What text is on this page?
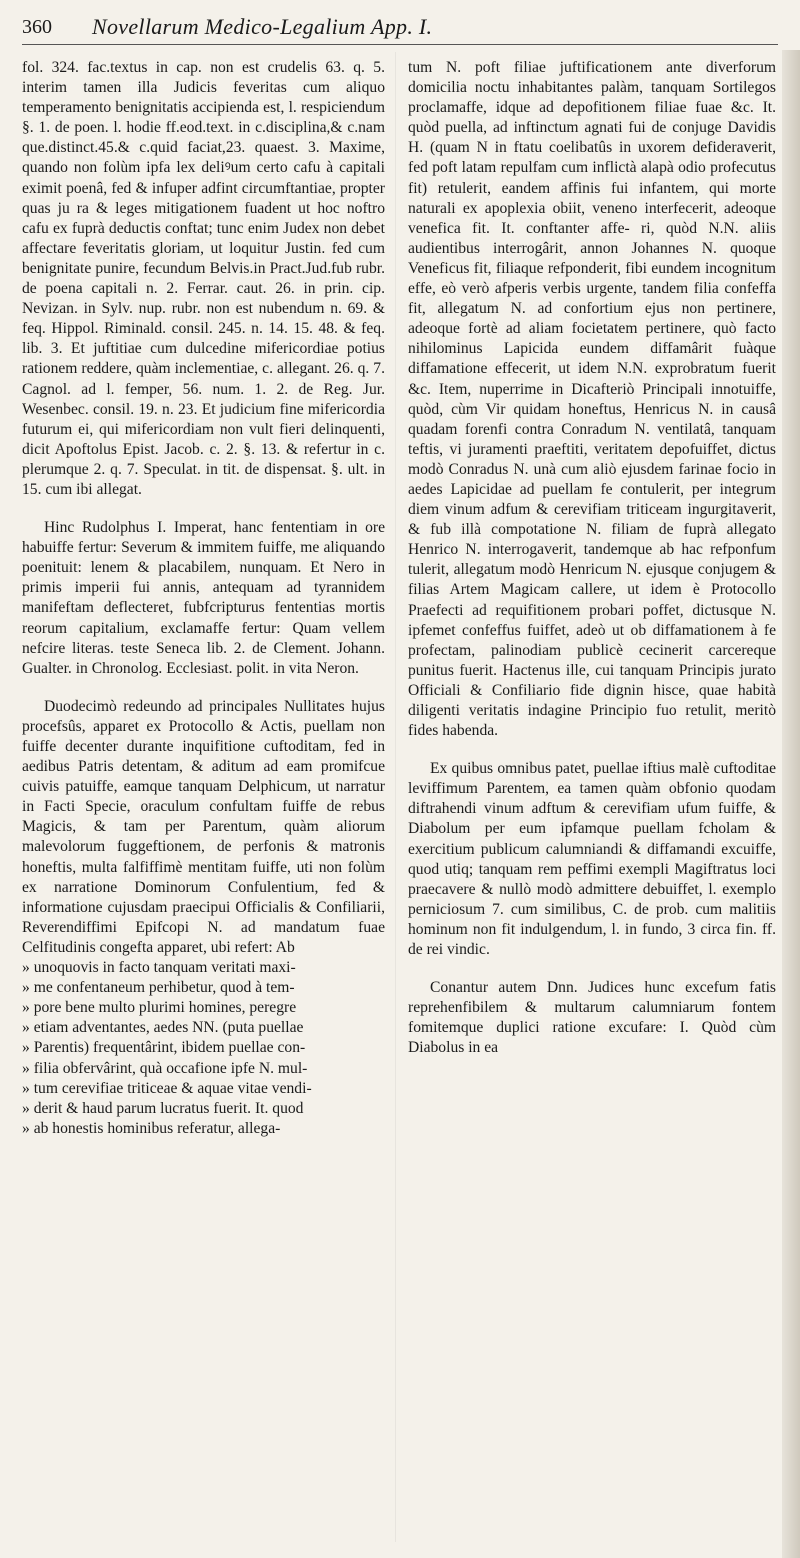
360 Novellarum Medico-Legalium App. I.

fol. 324. fac.textus in cap. non est crudelis 63. q. 5. interim tamen illa Judicis feveritas cum aliquo temperamento benignitatis accipienda est, l. respiciendum §. 1. de poen. l. hodie ff.eod.text. in c.disciplina,& c.nam que.distinct.45.& c.quid faciat,23. quaest. 3. Maxime, quando non folùm ipfa lex deliꝰum certo cafu à capitali eximit poenâ, fed & infuper adfint circumftantiae, propter quas ju ra & leges mitigationem fuadent ut hoc noftro cafu ex fuprà deductis conftat; tunc enim Judex non debet affectare feveritatis gloriam, ut loquitur Justin. fed cum benignitate punire, fecundum Belvis.in Pract.Jud.fub rubr. de poena capitali n. 2. Ferrar. caut. 26. in prin. cip. Nevizan. in Sylv. nup. rubr. non est nubendum n. 69. & feq. Hippol. Riminald. consil. 245. n. 14. 15. 48. & feq. lib. 3. Et juftitiae cum dulcedine mifericordiae potius rationem reddere, quàm inclementiae, c. allegant. 26. q. 7. Cagnol. ad l. femper, 56. num. 1. 2. de Reg. Jur. Wesenbec. consil. 19. n. 23. Et judicium fine mifericordia futurum ei, qui mifericordiam non vult fieri delinquenti, dicit Apoftolus Epist. Jacob. c. 2. §. 13. & refertur in c. plerumque 2. q. 7. Speculat. in tit. de dispensat. §. ult. in 15. cum ibi allegat.

Hinc Rudolphus I. Imperat, hanc fententiam in ore habuiffe fertur: Severum & immitem fuiffe, me aliquando poenituit: lenem & placabilem, nunquam. Et Nero in primis imperii fui annis, antequam ad tyrannidem manifeftam deflecteret, fubfcripturus fententias mortis reorum capitalium, exclamaffe fertur: Quam vellem nefcire literas. teste Seneca lib. 2. de Clement. Johann. Gualter. in Chronolog. Ecclesiast. polit. in vita Neron.

Duodecimò redeundo ad principales Nullitates hujus procefsûs, apparet ex Protocollo & Actis, puellam non fuiffe decenter durante inquifitione cuftoditam, fed in aedibus Patris detentam, & aditum ad eam promifcue cuivis patuiffe, eamque tanquam Delphicum, ut narratur in Facti Specie, oraculum confultam fuiffe de rebus Magicis, & tam per Parentum, quàm aliorum malevolorum fuggeftionem, de perfonis & matronis honeftis, multa falfiffimè mentitam fuiffe, uti non folùm ex narratione Dominorum Confulentium, fed & informatione cujusdam praecipui Officialis & Confiliarii, Reverendiffimi Epifcopi N. ad mandatum fuae Celfitudinis congefta apparet, ubi refert: Ab

» unoquovis in facto tanquam veritati maxi-

» me confentaneum perhibetur, quod à tem-

» pore bene multo plurimi homines, peregre

» etiam adventantes, aedes NN. (puta puellae

» Parentis) frequentârint, ibidem puellae con-

» filia obfervârint, quà occafione ipfe N. mul-

» tum cerevifiae triticeae & aquae vitae vendi-

» derit & haud parum lucratus fuerit. It. quod

» ab honestis hominibus referatur, allega-

tum N. poft filiae juftificationem ante diverforum domicilia noctu inhabitantes palàm, tanquam Sortilegos proclamaffe, idque ad depofitionem filiae fuae &c. It. quòd puella, ad inftinctum agnati fui de conjuge Davidis H. (quam N in ftatu coelibatûs in uxorem defideraverit, fed poft latam repulfam cum inflictà alapà odio profecutus fit) retulerit, eandem affinis fui infantem, qui morte naturali ex apoplexia obiit, veneno interfecerit, adeoque venefica fit. It. conftanter affe- ri, quòd N.N. aliis audientibus interrogârit, annon Johannes N. quoque Veneficus fit, filiaque refponderit, fibi eundem incognitum effe, eò verò afperis verbis urgente, tandem filia confeffa fit, allegatum N. ad confortium ejus non pertinere, adeoque fortè ad aliam focietatem pertinere, quò facto nihilominus Lapicida eundem diffamârit fuàque diffamatione effecerit, ut idem N.N. exprobratum fuerit &c. Item, nuperrime in Dicafteriò Principali innotuiffe, quòd, cùm Vir quidam honeftus, Henricus N. in causâ quadam forenfi contra Conradum N. ventilatâ, tanquam teftis, vi juramenti praeftiti, veritatem depofuiffet, dictus modò Conradus N. unà cum aliò ejusdem farinae focio in aedes Lapicidae ad puellam fe contulerit, per integrum diem vinum adfum & cerevifiam triticeam ingurgitaverit, & fub illà compotatione N. filiam de fuprà allegato Henrico N. interrogaverit, tandemque ab hac refponfum tulerit, allegatum modò Henricum N. ejusque conjugem & filias Artem Magicam callere, ut idem è Protocollo Praefecti ad requifitionem probari poffet, dictusque N. ipfemet confeffus fuiffet, adeò ut ob diffamationem à fe profectam, palinodiam publicè cecinerit carcereque punitus fuerit. Hactenus ille, cui tanquam Principis jurato Officiali & Confiliario fide dignin hisce, quae habità diligenti veritatis indagine Principio fuo retulit, meritò fides habenda.

Ex quibus omnibus patet, puellae iftius malè cuftoditae leviffimum Parentem, ea tamen quàm obfonio quodam diftrahendi vinum adftum & cerevifiam ufum fuiffe, & Diabolum per eum ipfamque puellam fcholam & exercitium publicum calumniandi & diffamandi excuiffe, quod utiq; tanquam rem peffimi exempli Magiftratus loci praecavere & nullò modò admittere debuiffet, l. exemplo perniciosum 7. cum similibus, C. de prob. cum malitiis hominum non fit indulgendum, l. in fundo, 3 circa fin. ff. de rei vindic.

Conantur autem Dnn. Judices hunc excefum fatis reprehenfibilem & multarum calumniarum fontem fomitemque duplici ratione excufare: I. Quòd cùm Diabolus in ea
